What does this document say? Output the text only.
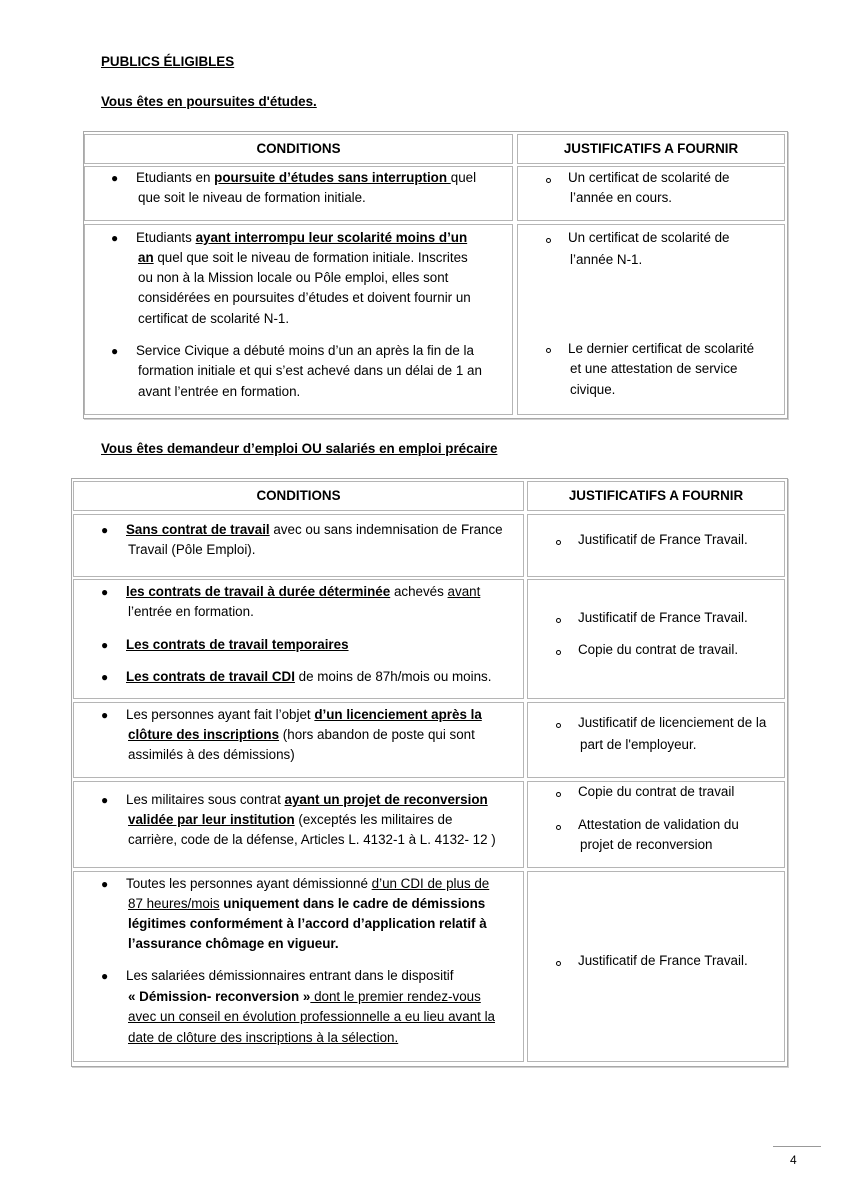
PUBLICS ÉLIGIBLES
Vous êtes en poursuites d'études.
CONDITIONS	JUSTIFICATIFS A FOURNIR
● Etudiants en poursuite d’études sans interruption quel
que soit le niveau de formation initiale.
Un certificat de scolarité de
l’année en cours.
● Etudiants ayant interrompu leur scolarité moins d’un
an quel que soit le niveau de formation initiale. Inscrites
ou non à la Mission locale ou Pôle emploi, elles sont
considérées en poursuites d’études et doivent fournir un
certificat de scolarité N-1.
● Service Civique a débuté moins d’un an après la fin de la
formation initiale et qui s’est achevé dans un délai de 1 an
avant l’entrée en formation.
Un certificat de scolarité de
l’année N-1.
Le dernier certificat de scolarité
et une attestation de service
civique.
Vous êtes demandeur d’emploi OU salariés en emploi précaire
CONDITIONS	JUSTIFICATIFS A FOURNIR
● Sans contrat de travail avec ou sans indemnisation de France
Travail (Pôle Emploi).
Justificatif de France Travail.
● les contrats de travail à durée déterminée achevés avant
l’entrée en formation.
● Les contrats de travail temporaires
● Les contrats de travail CDI de moins de 87h/mois ou moins.
Justificatif de France Travail.
Copie du contrat de travail.
● Les personnes ayant fait l’objet d’un licenciement après la
clôture des inscriptions (hors abandon de poste qui sont
assimilés à des démissions)
Justificatif de licenciement de la
part de l'employeur.
● Les militaires sous contrat ayant un projet de reconversion
validée par leur institution (exceptés les militaires de
carrière, code de la défense, Articles L. 4132-1 à L. 4132- 12 )
Copie du contrat de travail
Attestation de validation du
projet de reconversion
● Toutes les personnes ayant démissionné d’un CDI de plus de
87 heures/mois uniquement dans le cadre de démissions
légitimes conformément à l’accord d’application relatif à
l’assurance chômage en vigueur.
● Les salariées démissionnaires entrant dans le dispositif
« Démission- reconversion » dont le premier rendez-vous
avec un conseil en évolution professionnelle a eu lieu avant la
date de clôture des inscriptions à la sélection.
Justificatif de France Travail.
4
